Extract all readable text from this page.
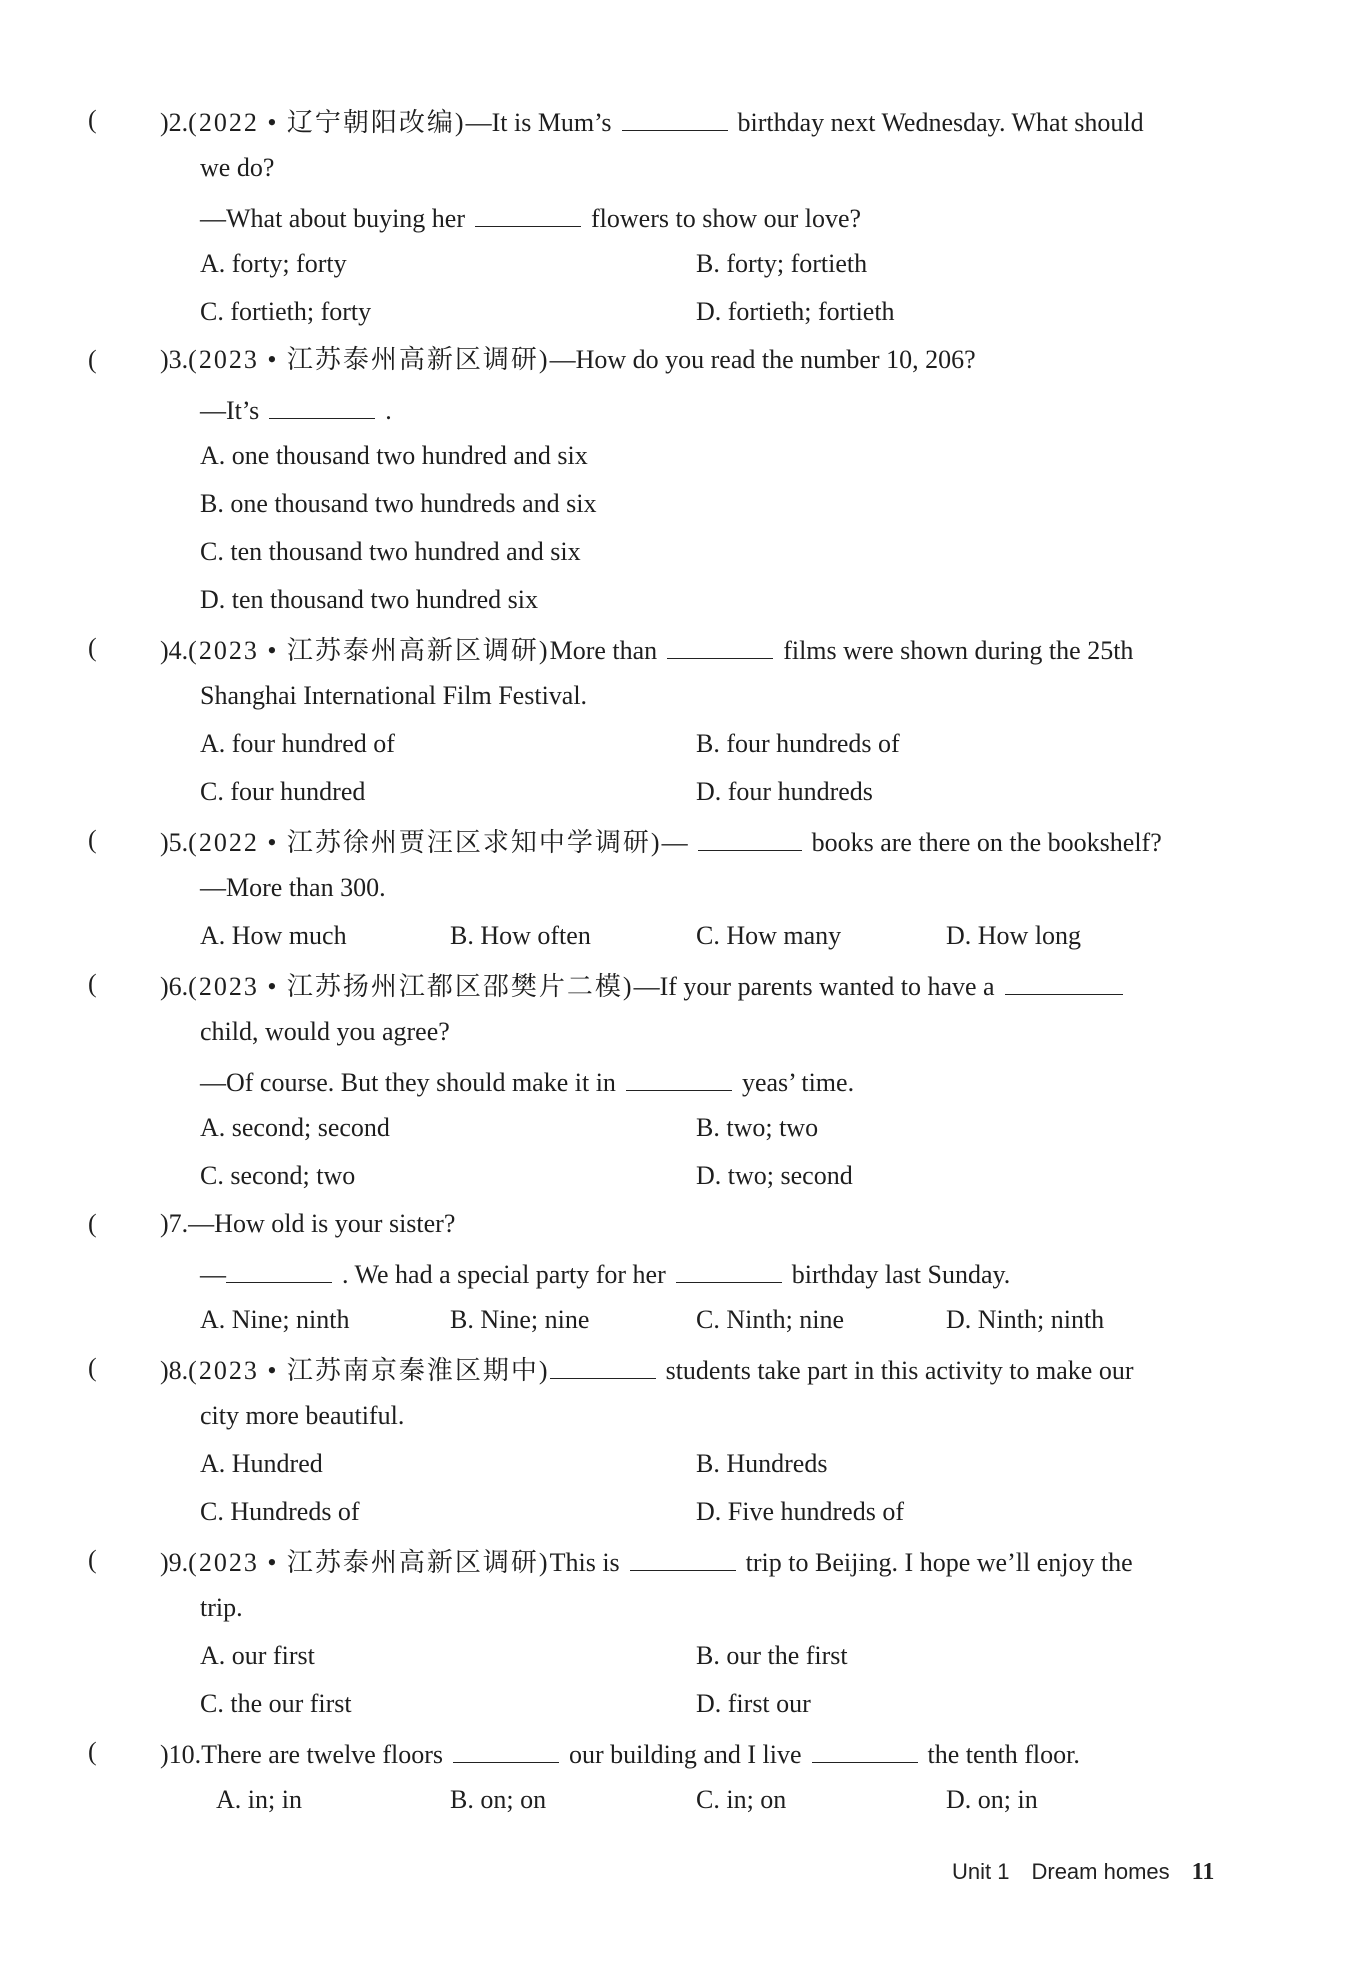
( )2.(2022 • 辽宁朝阳改编)—It is Mum’s	birthday next Wednesday. What should
we do?
—What about buying her	flowers to show our love?
A. forty; forty	B. forty; fortieth
C. fortieth; forty	D. fortieth; fortieth
( )3.(2023 • 江苏泰州高新区调研)—How do you read the number 10, 206?
—It’s	.
A. one thousand two hundred and six
B. one thousand two hundreds and six
C. ten thousand two hundred and six
D. ten thousand two hundred six
( )4.(2023 • 江苏泰州高新区调研)More than	films were shown during the 25th
Shanghai International Film Festival.
A. four hundred of	B. four hundreds of
C. four hundred	D. four hundreds
( )5.(2022 • 江苏徐州贾汪区求知中学调研)—	books are there on the bookshelf?
—More than 300.
A. How much	B. How often	C. How many	D. How long
( )6.(2023 • 江苏扬州江都区邵樊片二模)—If your parents wanted to have a
child, would you agree?
—Of course. But they should make it in	yeas’ time.
A. second; second	B. two; two
C. second; two	D. two; second
( )7.—How old is your sister?
—	. We had a special party for her	birthday last Sunday.
A. Nine; ninth	B. Nine; nine	C. Ninth; nine	D. Ninth; ninth
( )8.(2023 • 江苏南京秦淮区期中)	students take part in this activity to make our
city more beautiful.
A. Hundred	B. Hundreds
C. Hundreds of	D. Five hundreds of
( )9.(2023 • 江苏泰州高新区调研)This is	trip to Beijing. I hope we’ll enjoy the
trip.
A. our first	B. our the first
C. the our first	D. first our
( )10.There are twelve floors	our building and I live	the tenth floor.
A. in; in	B. on; on	C. in; on	D. on; in
Unit 1 Dream homes 11
